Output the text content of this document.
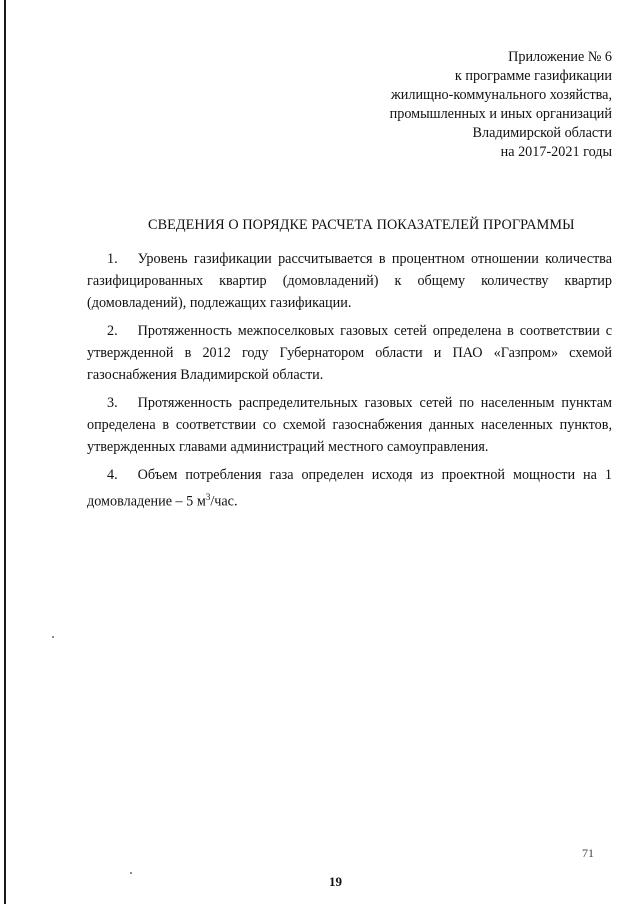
Приложение № 6
к программе газификации
жилищно-коммунального хозяйства,
промышленных и иных организаций
Владимирской области
на 2017-2021 годы
СВЕДЕНИЯ О ПОРЯДКЕ РАСЧЕТА ПОКАЗАТЕЛЕЙ ПРОГРАММЫ
1. Уровень газификации рассчитывается в процентном отношении количества газифицированных квартир (домовладений) к общему количеству квартир (домовладений), подлежащих газификации.
2. Протяженность межпоселковых газовых сетей определена в соответствии с утвержденной в 2012 году Губернатором области и ПАО «Газпром» схемой газоснабжения Владимирской области.
3. Протяженность распределительных газовых сетей по населенным пунктам определена в соответствии со схемой газоснабжения данных населенных пунктов, утвержденных главами администраций местного самоуправления.
4. Объем потребления газа определен исходя из проектной мощности на 1 домовладение – 5 $м^3$/час.
71
19
